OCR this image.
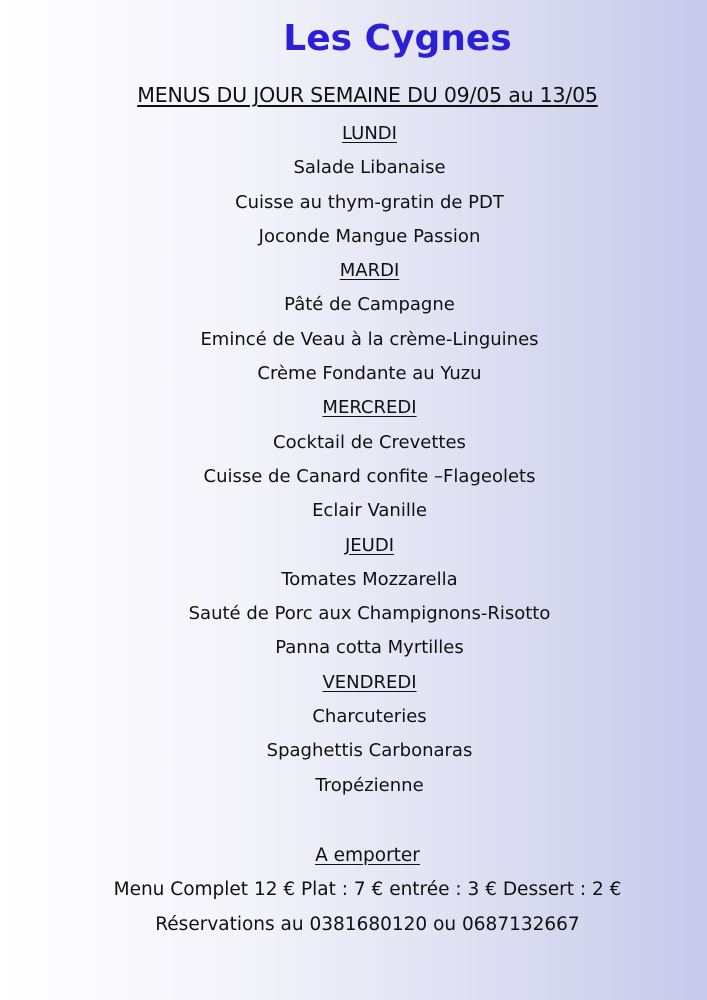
Les Cygnes
MENUS DU JOUR SEMAINE DU 09/05 au 13/05
LUNDI
Salade Libanaise
Cuisse au thym-gratin de PDT
Joconde Mangue Passion
MARDI
Pâté de Campagne
Emincé de Veau à la crème-Linguines
Crème Fondante au Yuzu
MERCREDI
Cocktail de Crevettes
Cuisse de Canard confite –Flageolets
Eclair Vanille
JEUDI
Tomates Mozzarella
Sauté de Porc aux Champignons-Risotto
Panna cotta Myrtilles
VENDREDI
Charcuteries
Spaghettis Carbonaras
Tropézienne
A emporter
Menu Complet 12 € Plat : 7 € entrée : 3 € Dessert : 2 €
Réservations au 0381680120 ou 0687132667
